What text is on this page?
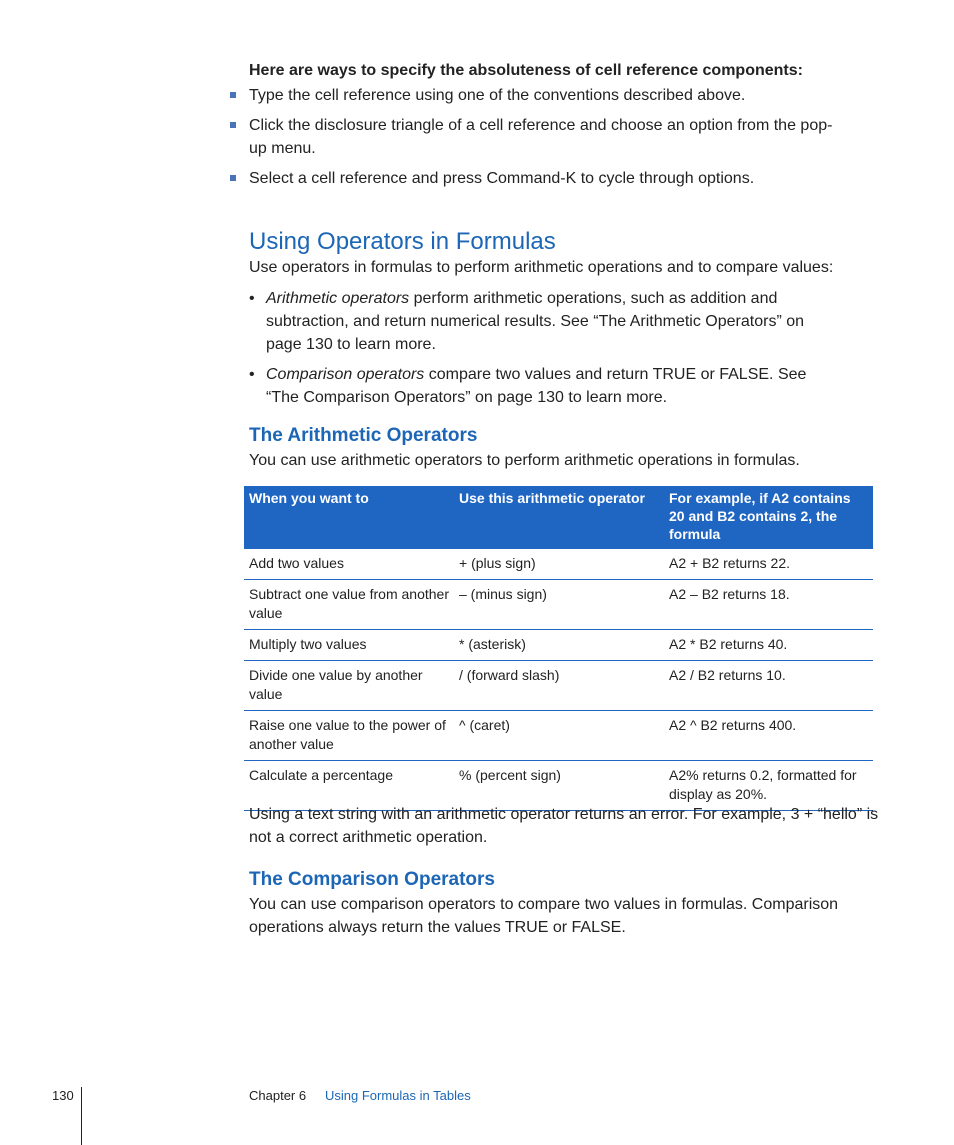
Here are ways to specify the absoluteness of cell reference components:

Type the cell reference using one of the conventions described above.
Click the disclosure triangle of a cell reference and choose an option from the pop-up menu.
Select a cell reference and press Command-K to cycle through options.
Using Operators in Formulas

Use operators in formulas to perform arithmetic operations and to compare values:

• Arithmetic operators perform arithmetic operations, such as addition and subtraction, and return numerical results. See “The Arithmetic Operators” on page 130 to learn more.
• Comparison operators compare two values and return TRUE or FALSE. See “The Comparison Operators” on page 130 to learn more.
The Arithmetic Operators

You can use arithmetic operators to perform arithmetic operations in formulas.

When you want to	Use this arithmetic operator	For example, if A2 contains 20 and B2 contains 2, the formula
Add two values	+ (plus sign)	A2 + B2 returns 22.
Subtract one value from another value	– (minus sign)	A2 – B2 returns 18.
Multiply two values	* (asterisk)	A2 * B2 returns 40.
Divide one value by another value	/ (forward slash)	A2 / B2 returns 10.
Raise one value to the power of another value	^ (caret)	A2 ^ B2 returns 400.
Calculate a percentage	% (percent sign)	A2% returns 0.2, formatted for display as 20%.

Using a text string with an arithmetic operator returns an error. For example, 3 + “hello” is not a correct arithmetic operation.

The Comparison Operators

You can use comparison operators to compare two values in formulas. Comparison operations always return the values TRUE or FALSE.

130	Chapter 6 Using Formulas in Tables
